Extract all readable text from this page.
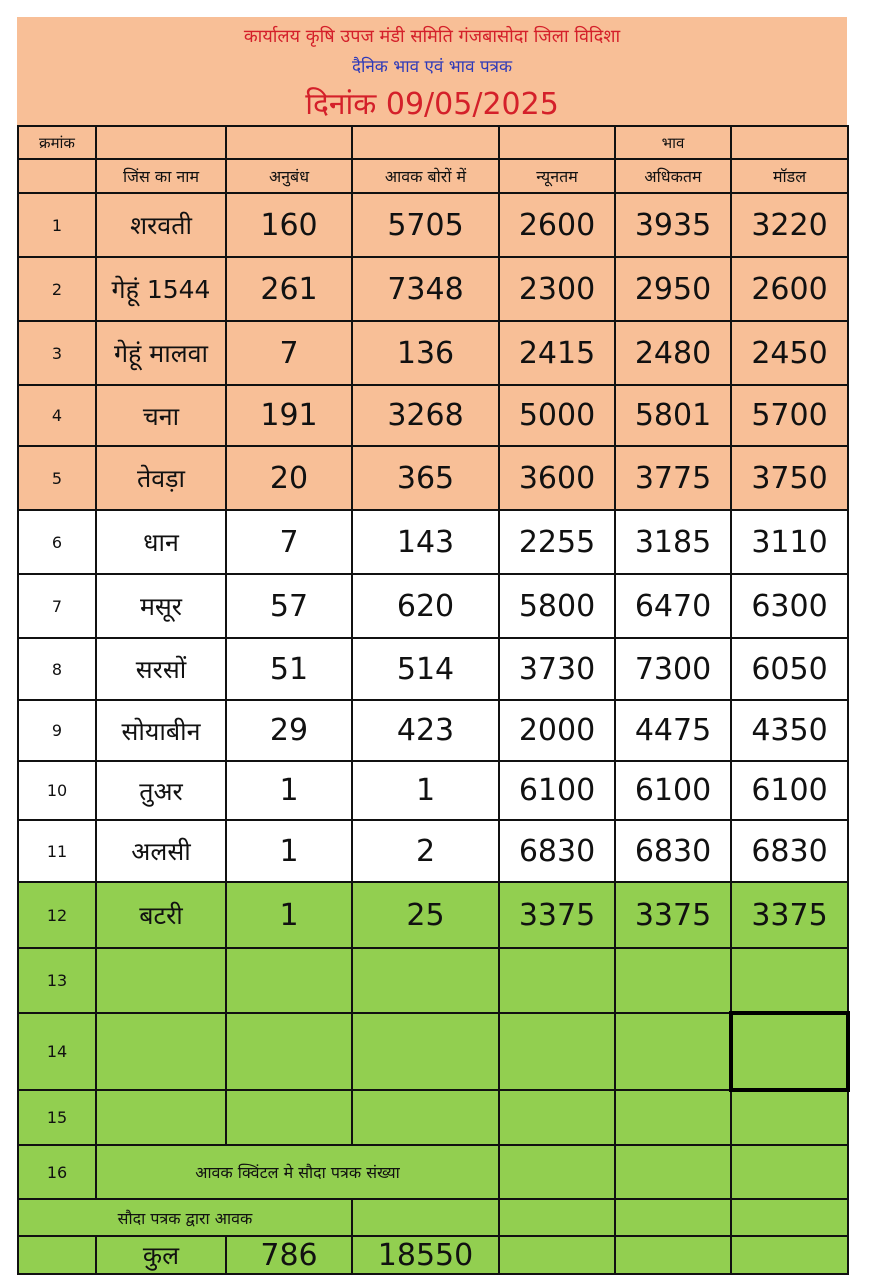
कार्यालय कृषि उपज मंडी समिति गंजबासोदा जिला विदिशा
दैनिक भाव एवं भाव पत्रक
दिनांक 09/05/2025
क्रमांक					भाव	
	जिंस का नाम	अनुबंध	आवक बोरों में	न्यूनतम	अधिकतम	मॉडल
1	शरवती	160	5705	2600	3935	3220
2	गेहूं 1544	261	7348	2300	2950	2600
3	गेहूं मालवा	7	136	2415	2480	2450
4	चना	191	3268	5000	5801	5700
5	तेवड़ा	20	365	3600	3775	3750
6	धान	7	143	2255	3185	3110
7	मसूर	57	620	5800	6470	6300
8	सरसों	51	514	3730	7300	6050
9	सोयाबीन	29	423	2000	4475	4350
10	तुअर	1	1	6100	6100	6100
11	अलसी	1	2	6830	6830	6830
12	बटरी	1	25	3375	3375	3375
13						
14						
15						
16	आवक क्विंटल मे सौदा पत्रक संख्या					
सौदा पत्रक द्वारा आवक						
	कुल	786	18550			
